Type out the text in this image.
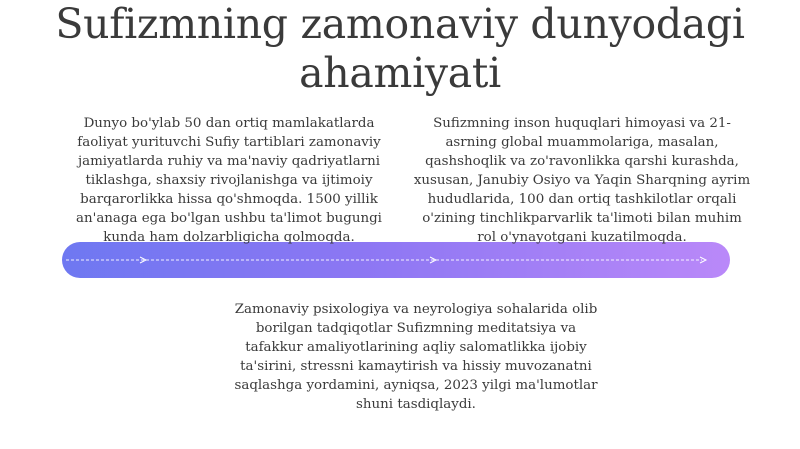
Sufizmning zamonaviy dunyodagi ahamiyati

Dunyo bo'ylab 50 dan ortiq mamlakatlarda faoliyat yurituvchi Sufiy tartiblari zamonaviy jamiyatlarda ruhiy va ma'naviy qadriyatlarni tiklashga, shaxsiy rivojlanishga va ijtimoiy barqarorlikka hissa qo'shmoqda. 1500 yillik an'anaga ega bo'lgan ushbu ta'limot bugungi kunda ham dolzarbligicha qolmoqda.

Sufizmning inson huquqlari himoyasi va 21-asrning global muammolariga, masalan, qashshoqlik va zo'ravonlikka qarshi kurashda, xususan, Janubiy Osiyo va Yaqin Sharqning ayrim hududlarida, 100 dan ortiq tashkilotlar orqali o'zining tinchlikparvarlik ta'limoti bilan muhim rol o'ynayotgani kuzatilmoqda.

Zamonaviy psixologiya va neyrologiya sohalarida olib borilgan tadqiqotlar Sufizmning meditatsiya va tafakkur amaliyotlarining aqliy salomatlikka ijobiy ta'sirini, stressni kamaytirish va hissiy muvozanatni saqlashga yordamini, ayniqsa, 2023 yilgi ma'lumotlar shuni tasdiqlaydi.
